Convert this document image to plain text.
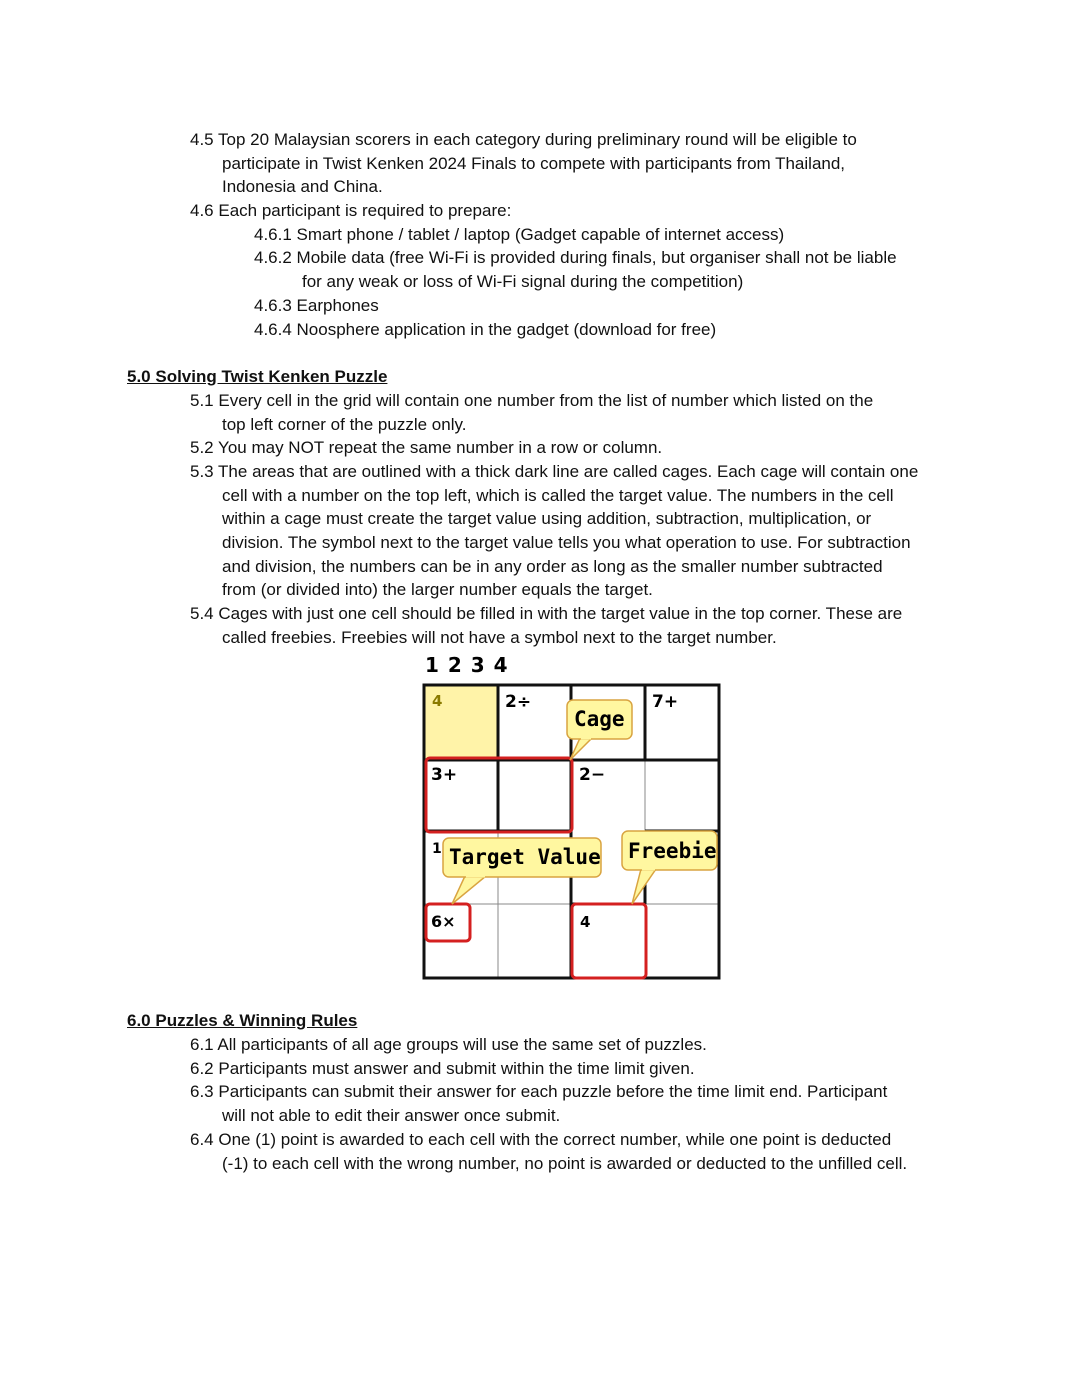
4.5 Top 20 Malaysian scorers in each category during preliminary round will be eligible to
participate in Twist Kenken 2024 Finals to compete with participants from Thailand,
Indonesia and China.
4.6 Each participant is required to prepare:
4.6.1 Smart phone / tablet / laptop (Gadget capable of internet access)
4.6.2 Mobile data (free Wi-Fi is provided during finals, but organiser shall not be liable
for any weak or loss of Wi-Fi signal during the competition)
4.6.3 Earphones
4.6.4 Noosphere application in the gadget (download for free)
5.0 Solving Twist Kenken Puzzle
5.1 Every cell in the grid will contain one number from the list of number which listed on the
top left corner of the puzzle only.
5.2 You may NOT repeat the same number in a row or column.
5.3 The areas that are outlined with a thick dark line are called cages. Each cage will contain one
cell with a number on the top left, which is called the target value. The numbers in the cell
within a cage must create the target value using addition, subtraction, multiplication, or
division. The symbol next to the target value tells you what operation to use. For subtraction
and division, the numbers can be in any order as long as the smaller number subtracted
from (or divided into) the larger number equals the target.
5.4 Cages with just one cell should be filled in with the target value in the top corner. These are
called freebies. Freebies will not have a symbol next to the target number.
1 2 3 4
4	2÷	7+
3+	2−
1
6×	4
Cage
Target Value Freebie
6.0 Puzzles & Winning Rules
6.1 All participants of all age groups will use the same set of puzzles.
6.2 Participants must answer and submit within the time limit given.
6.3 Participants can submit their answer for each puzzle before the time limit end. Participant
will not able to edit their answer once submit.
6.4 One (1) point is awarded to each cell with the correct number, while one point is deducted
(-1) to each cell with the wrong number, no point is awarded or deducted to the unfilled cell.
